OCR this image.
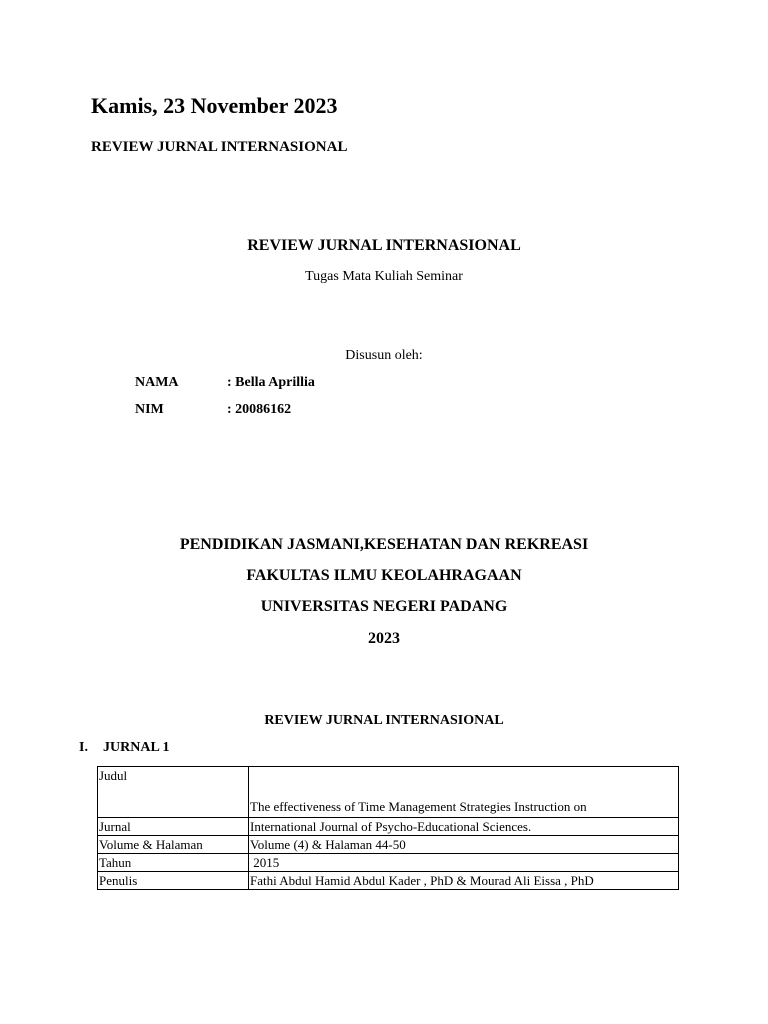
Kamis, 23 November 2023
REVIEW JURNAL INTERNASIONAL
REVIEW JURNAL INTERNASIONAL
Tugas Mata Kuliah Seminar
Disusun oleh:
NAMA	: Bella Aprillia
NIM	: 20086162
PENDIDIKAN JASMANI,KESEHATAN DAN REKREASI
FAKULTAS ILMU KEOLAHRAGAAN
UNIVERSITAS NEGERI PADANG
2023
REVIEW JURNAL INTERNASIONAL
I. JURNAL 1
Judul	The effectiveness of Time Management Strategies Instruction on
Jurnal	International Journal of Psycho-Educational Sciences.
Volume & Halaman	Volume (4) & Halaman 44-50
Tahun	2015
Penulis	Fathi Abdul Hamid Abdul Kader , PhD & Mourad Ali Eissa , PhD
